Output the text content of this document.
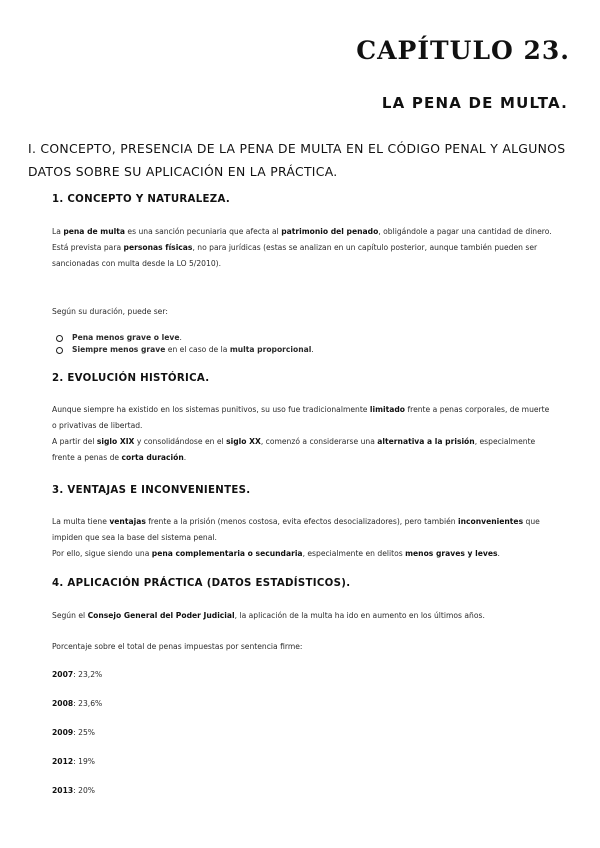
CAPÍTULO 23.
LA PENA DE MULTA.
I. CONCEPTO, PRESENCIA DE LA PENA DE MULTA EN EL CÓDIGO PENAL Y ALGUNOS DATOS SOBRE SU APLICACIÓN EN LA PRÁCTICA.
1. CONCEPTO Y NATURALEZA.
La pena de multa es una sanción pecuniaria que afecta al patrimonio del penado, obligándole a pagar una cantidad de dinero.
Está prevista para personas físicas, no para jurídicas (estas se analizan en un capítulo posterior, aunque también pueden ser sancionadas con multa desde la LO 5/2010).
Según su duración, puede ser:
Pena menos grave o leve.
Siempre menos grave en el caso de la multa proporcional.
2. EVOLUCIÓN HISTÓRICA.
Aunque siempre ha existido en los sistemas punitivos, su uso fue tradicionalmente limitado frente a penas corporales, de muerte o privativas de libertad.
A partir del siglo XIX y consolidándose en el siglo XX, comenzó a considerarse una alternativa a la prisión, especialmente frente a penas de corta duración.
3. VENTAJAS E INCONVENIENTES.
La multa tiene ventajas frente a la prisión (menos costosa, evita efectos desocializadores), pero también inconvenientes que impiden que sea la base del sistema penal.
Por ello, sigue siendo una pena complementaria o secundaria, especialmente en delitos menos graves y leves.
4. APLICACIÓN PRÁCTICA (DATOS ESTADÍSTICOS).
Según el Consejo General del Poder Judicial, la aplicación de la multa ha ido en aumento en los últimos años.
Porcentaje sobre el total de penas impuestas por sentencia firme:
2007: 23,2%
2008: 23,6%
2009: 25%
2012: 19%
2013: 20%
